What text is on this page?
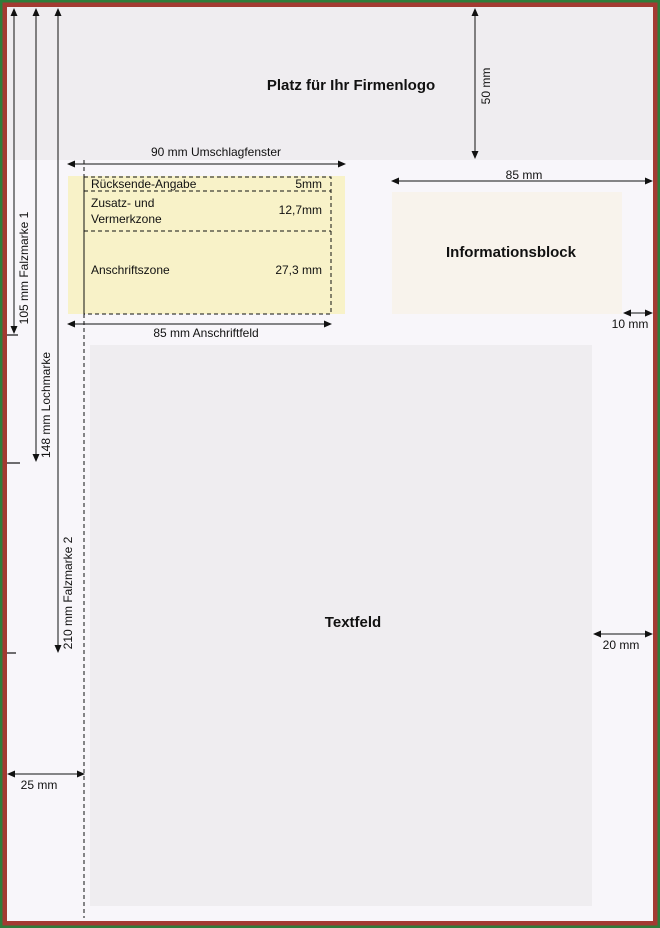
Platz für Ihr Firmenlogo	50 mm
90 mm Umschlagfenster
Rücksende-Angabe	5mm
Zusatz- und
Vermerkzone
12,7mm
Anschriftszone	27,3 mm
85 mm Anschriftfeld
Informationsblock
85 mm
10 mm
Textfeld
20 mm
25 mm
105 mm Falzmarke 1
148 mm Lochmarke
210 mm Falzmarke 2
